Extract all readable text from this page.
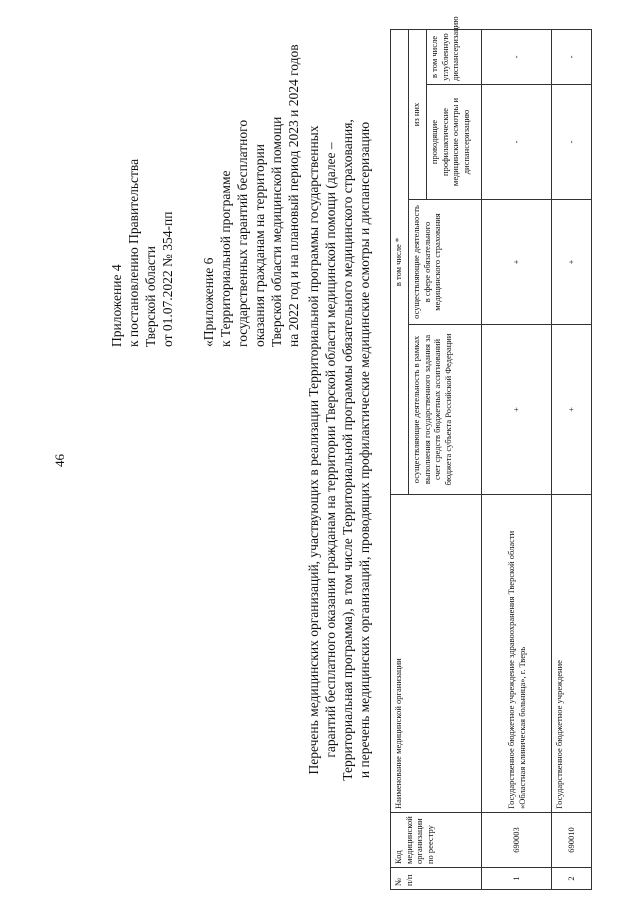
46
Приложение 4 к постановлению Правительства Тверской области от 01.07.2022 № 354-пп «Приложение 6 к Территориальной программе государственных гарантий бесплатного оказания гражданам на территории Тверской области медицинской помощи на 2022 год и на плановый период 2023 и 2024 годов Перечень медицинских организаций, участвующих в реализации Территориальной программы государственных гарантий бесплатного оказания гражданам на территории Тверской области медицинской помощи (далее – Территориальная программа), в том числе Территориальной программы обязательного медицинского страхования, и перечень медицинских организаций, проводящих профилактические медицинские осмотры и диспансеризацию
№ п/п	Код медицинской организации по реестру	Наименование медицинской организации	в том числе *			
			осуществляющие деятельность в рамках выполнения государственного задания за счет средств бюджетных ассигнований бюджета субъекта Российской Федерации	осуществляющие деятельность в сфере обязательного медицинского страхования	из них	
					проводящие профилактические медицинские осмотры и диспансеризацию	в том числе углубленную диспансеризацию
1	690003	Государственное бюджетное учреждение здравоохранения Тверской области «Областная клиническая больница», г. Тверь	+	+	-	-
2	690010	Государственное бюджетное учреждение	+	+	-	-
